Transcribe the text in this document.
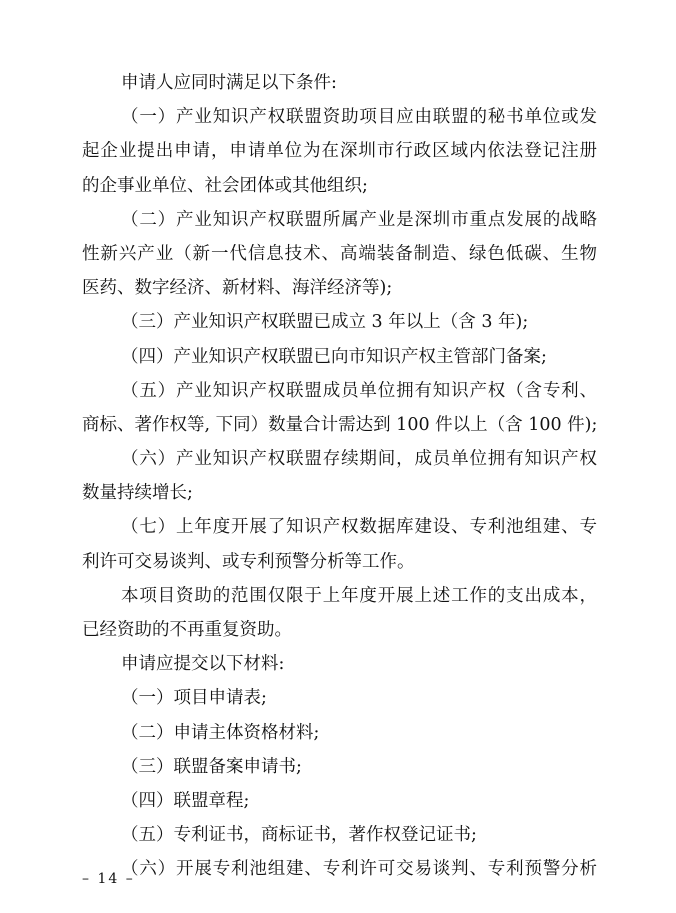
申请人应同时满足以下条件:
（一）产业知识产权联盟资助项目应由联盟的秘书单位或发
起企业提出申请，申请单位为在深圳市行政区域内依法登记注册
的企事业单位、社会团体或其他组织;
（二）产业知识产权联盟所属产业是深圳市重点发展的战略
性新兴产业（新一代信息技术、高端装备制造、绿色低碳、生物
医药、数字经济、新材料、海洋经济等);
（三）产业知识产权联盟已成立 3 年以上（含 3 年);
（四）产业知识产权联盟已向市知识产权主管部门备案;
（五）产业知识产权联盟成员单位拥有知识产权（含专利、
商标、著作权等, 下同）数量合计需达到 100 件以上（含 100 件);
（六）产业知识产权联盟存续期间，成员单位拥有知识产权
数量持续增长;
（七）上年度开展了知识产权数据库建设、专利池组建、专
利许可交易谈判、或专利预警分析等工作。
本项目资助的范围仅限于上年度开展上述工作的支出成本，
已经资助的不再重复资助。
申请应提交以下材料:
（一）项目申请表;
（二）申请主体资格材料;
（三）联盟备案申请书;
（四）联盟章程;
（五）专利证书，商标证书，著作权登记证书;
（六）开展专利池组建、专利许可交易谈判、专利预警分析
– 14 –
